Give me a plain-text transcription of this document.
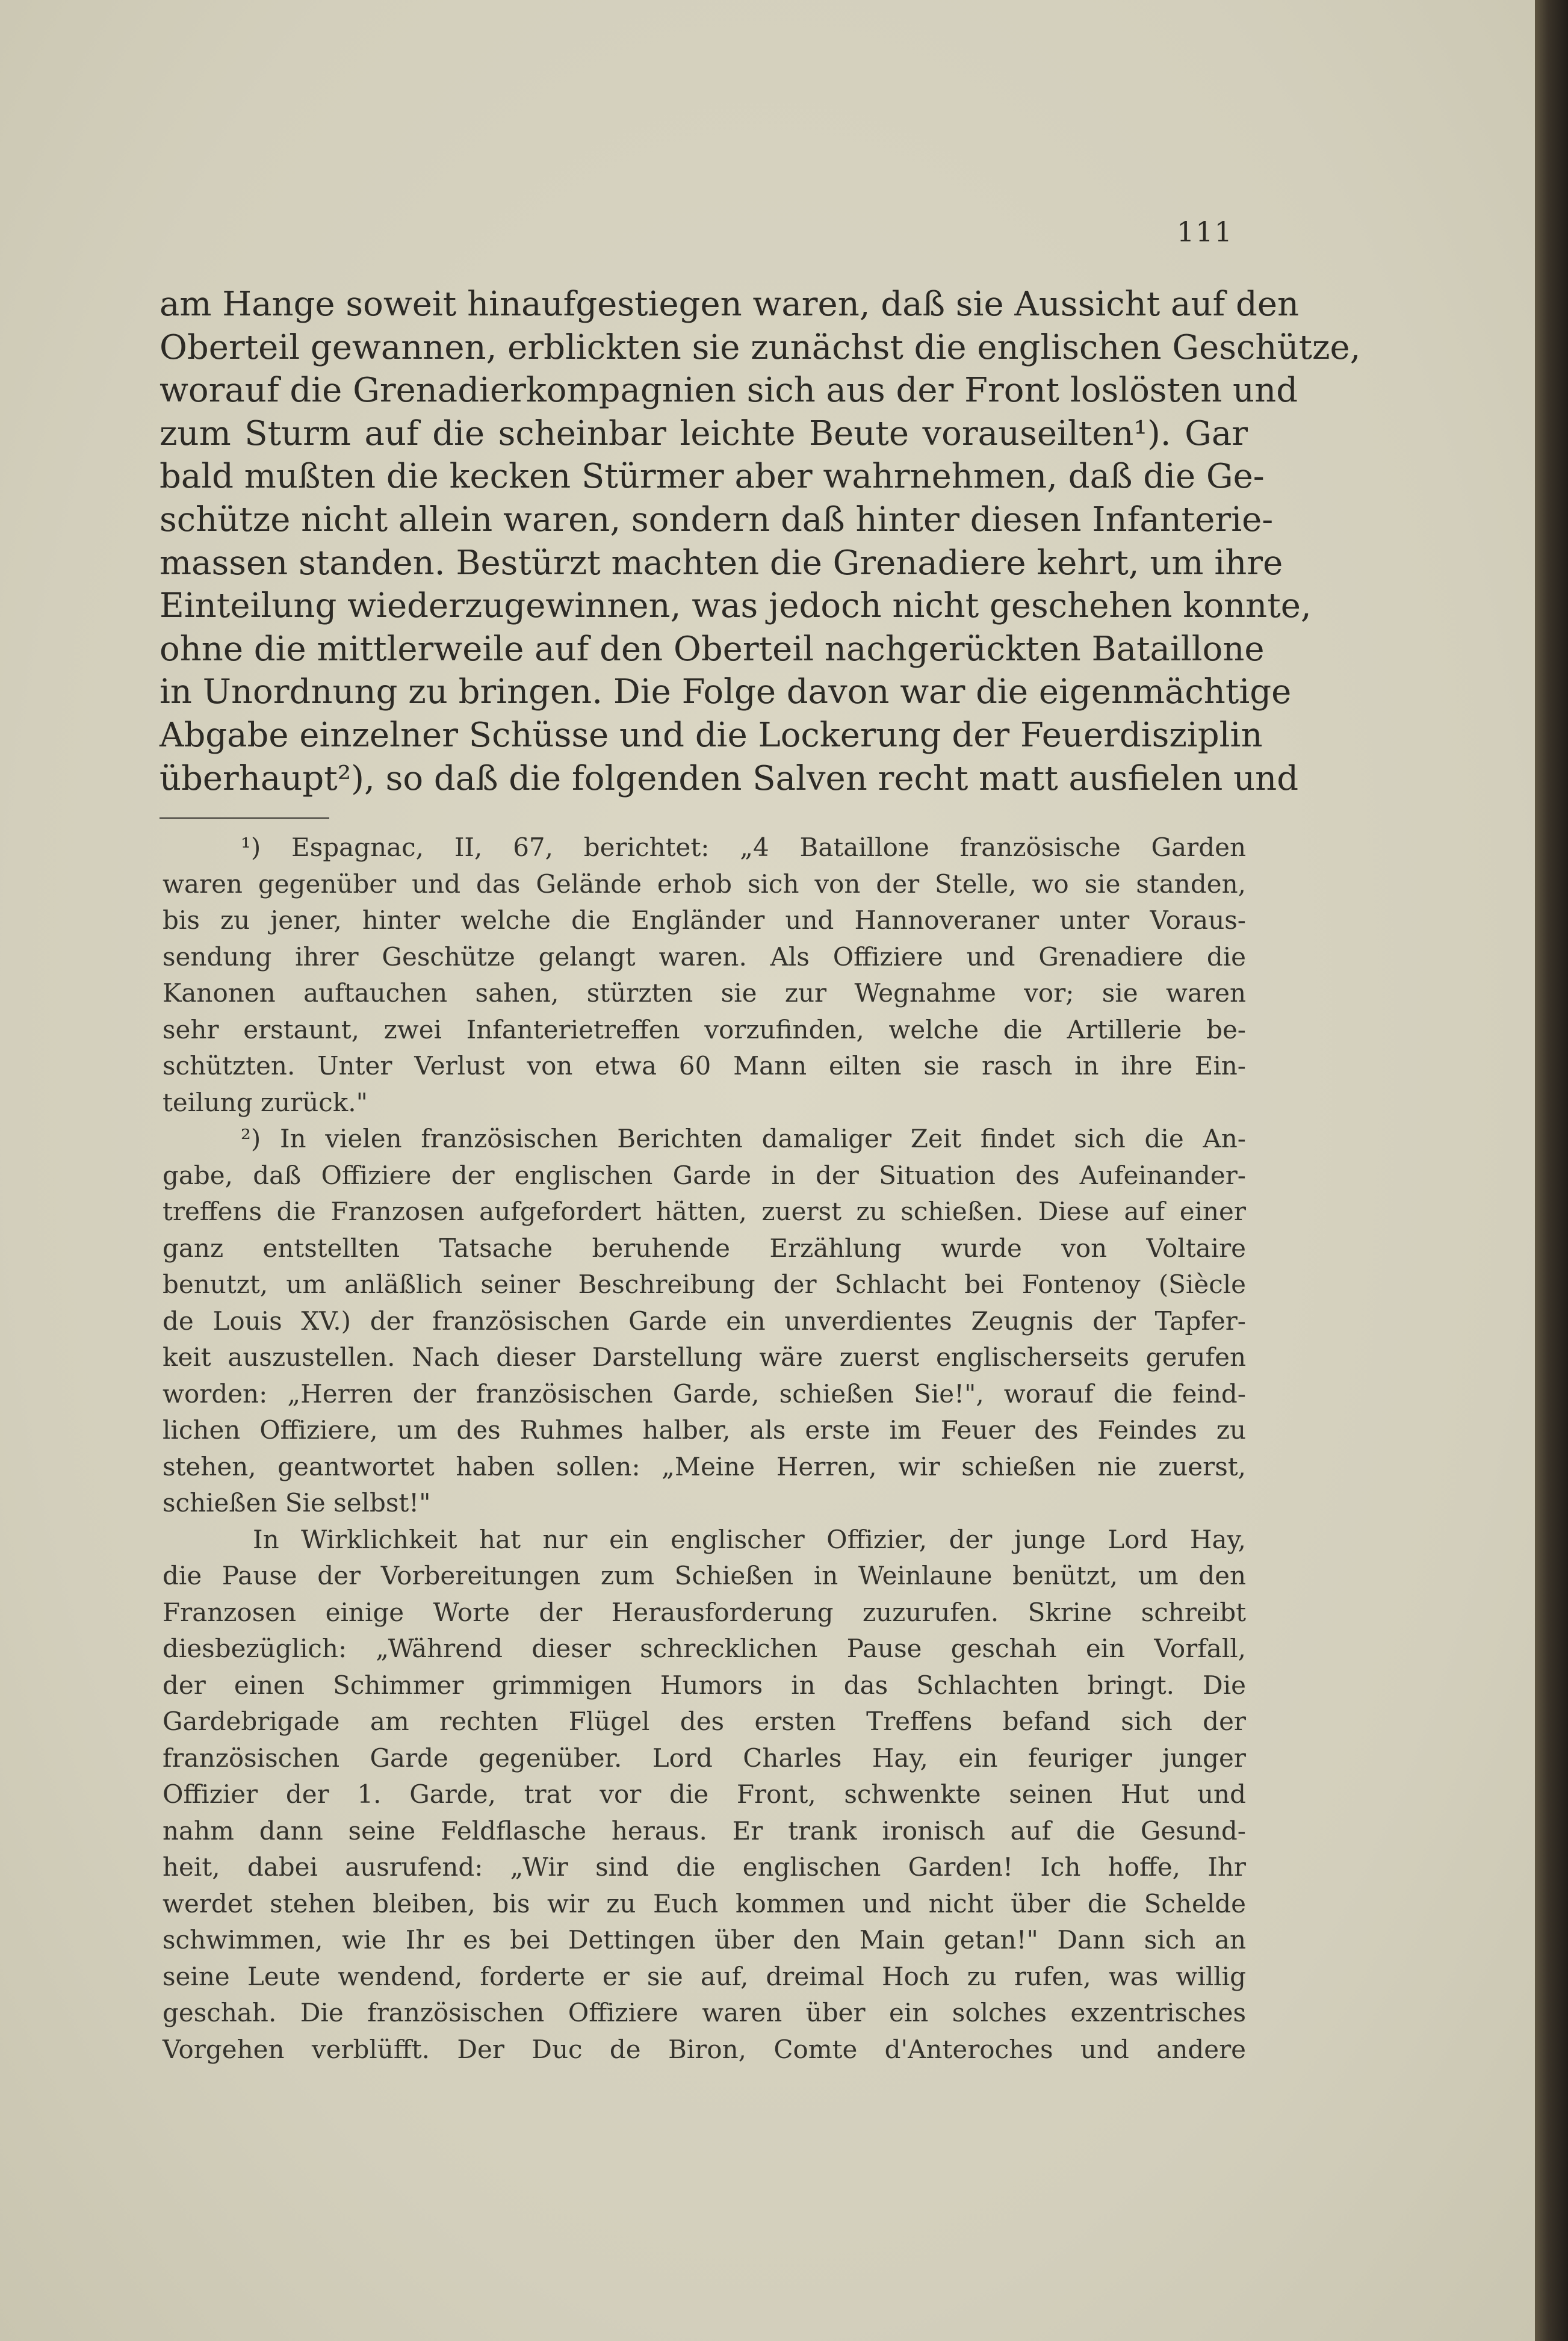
111
am Hange soweit hinaufgestiegen waren, daß sie Aussicht auf den
Oberteil gewannen, erblickten sie zunächst die englischen Geschütze,
worauf die Grenadierkompagnien sich aus der Front loslösten und
zum Sturm auf die scheinbar leichte Beute vorauseilten¹). Gar
bald mußten die kecken Stürmer aber wahrnehmen, daß die Ge-
schütze nicht allein waren, sondern daß hinter diesen Infanterie-
massen standen. Bestürzt machten die Grenadiere kehrt, um ihre
Einteilung wiederzugewinnen, was jedoch nicht geschehen konnte,
ohne die mittlerweile auf den Oberteil nachgerückten Bataillone
in Unordnung zu bringen. Die Folge davon war die eigenmächtige
Abgabe einzelner Schüsse und die Lockerung der Feuerdisziplin
überhaupt²), so daß die folgenden Salven recht matt ausfielen und
¹) Espagnac, II, 67, berichtet: „4 Bataillone französische Garden
waren gegenüber und das Gelände erhob sich von der Stelle, wo sie standen,
bis zu jener, hinter welche die Engländer und Hannoveraner unter Voraus-
sendung ihrer Geschütze gelangt waren. Als Offiziere und Grenadiere die
Kanonen auftauchen sahen, stürzten sie zur Wegnahme vor; sie waren
sehr erstaunt, zwei Infanterietreffen vorzufinden, welche die Artillerie be-
schützten. Unter Verlust von etwa 60 Mann eilten sie rasch in ihre Ein-
teilung zurück."
²) In vielen französischen Berichten damaliger Zeit findet sich die An-
gabe, daß Offiziere der englischen Garde in der Situation des Aufeinander-
treffens die Franzosen aufgefordert hätten, zuerst zu schießen. Diese auf einer
ganz entstellten Tatsache beruhende Erzählung wurde von Voltaire
benutzt, um anläßlich seiner Beschreibung der Schlacht bei Fontenoy (Siècle
de Louis XV.) der französischen Garde ein unverdientes Zeugnis der Tapfer-
keit auszustellen. Nach dieser Darstellung wäre zuerst englischerseits gerufen
worden: „Herren der französischen Garde, schießen Sie!", worauf die feind-
lichen Offiziere, um des Ruhmes halber, als erste im Feuer des Feindes zu
stehen, geantwortet haben sollen: „Meine Herren, wir schießen nie zuerst,
schießen Sie selbst!"
In Wirklichkeit hat nur ein englischer Offizier, der junge Lord Hay,
die Pause der Vorbereitungen zum Schießen in Weinlaune benützt, um den
Franzosen einige Worte der Herausforderung zuzurufen. Skrine schreibt
diesbezüglich: „Während dieser schrecklichen Pause geschah ein Vorfall,
der einen Schimmer grimmigen Humors in das Schlachten bringt. Die
Gardebrigade am rechten Flügel des ersten Treffens befand sich der
französischen Garde gegenüber. Lord Charles Hay, ein feuriger junger
Offizier der 1. Garde, trat vor die Front, schwenkte seinen Hut und
nahm dann seine Feldflasche heraus. Er trank ironisch auf die Gesund-
heit, dabei ausrufend: „Wir sind die englischen Garden! Ich hoffe, Ihr
werdet stehen bleiben, bis wir zu Euch kommen und nicht über die Schelde
schwimmen, wie Ihr es bei Dettingen über den Main getan!" Dann sich an
seine Leute wendend, forderte er sie auf, dreimal Hoch zu rufen, was willig
geschah. Die französischen Offiziere waren über ein solches exzentrisches
Vorgehen verblüfft. Der Duc de Biron, Comte d'Anteroches und andere
